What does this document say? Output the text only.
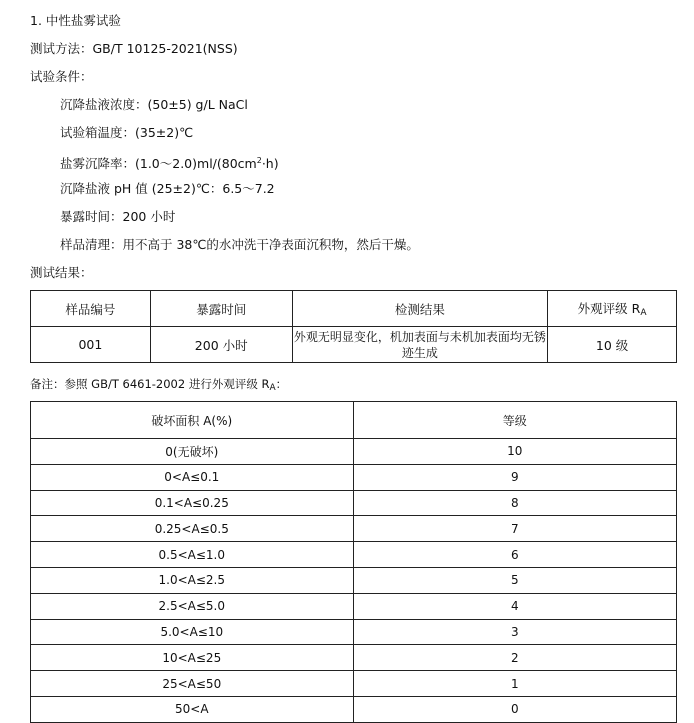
1. 中性盐雾试验
测试方法：GB/T 10125-2021(NSS)
试验条件：
沉降盐液浓度：(50±5) g/L NaCl
试验箱温度：(35±2)℃
盐雾沉降率：$(1.0\sim 2.0)ml/(80cm^2\cdot h)$
沉降盐液 pH 值 (25±2)℃：6.5～7.2
暴露时间：200 小时
样品清理：用不高于 38℃的水冲洗干净表面沉积物，然后干燥。
测试结果：
样品编号	暴露时间	检测结果	外观评级 $R_A$
001	200 小时	外观无明显变化，机加表面与未机加表面均无锈迹生成	10 级
备注：参照 GB/T 6461-2002 进行外观评级 $R_A$：
破坏面积 A(%)	等级
0(无破坏)	10
0<A≤0.1	9
0.1<A≤0.25	8
0.25<A≤0.5	7
0.5<A≤1.0	6
1.0<A≤2.5	5
2.5<A≤5.0	4
5.0<A≤10	3
10<A≤25	2
25<A≤50	1
50<A	0
